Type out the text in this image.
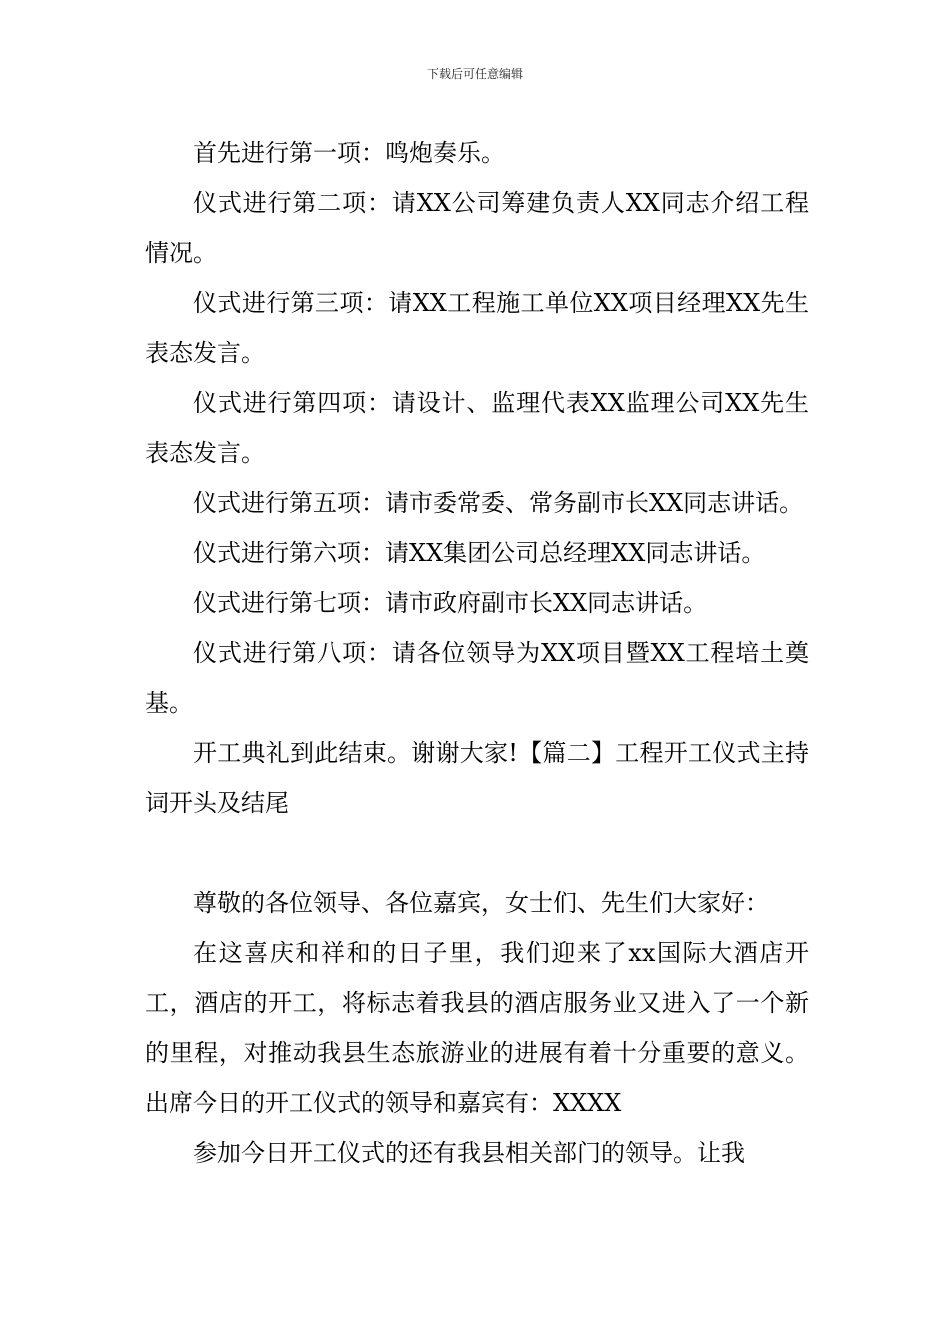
下载后可任意编辑

首先进行第一项：鸣炮奏乐。

仪式进行第二项：请XX公司筹建负责人XX同志介绍工程情况。

仪式进行第三项：请XX工程施工单位XX项目经理XX先生表态发言。

仪式进行第四项：请设计、监理代表XX监理公司XX先生表态发言。

仪式进行第五项：请市委常委、常务副市长XX同志讲话。

仪式进行第六项：请XX集团公司总经理XX同志讲话。

仪式进行第七项：请市政府副市长XX同志讲话。

仪式进行第八项：请各位领导为XX项目暨XX工程培土奠基。

开工典礼到此结束。谢谢大家!【篇二】工程开工仪式主持词开头及结尾

尊敬的各位领导、各位嘉宾，女士们、先生们大家好：

在这喜庆和祥和的日子里，我们迎来了xx国际大酒店开工，酒店的开工，将标志着我县的酒店服务业又进入了一个新的里程，对推动我县生态旅游业的进展有着十分重要的意义。出席今日的开工仪式的领导和嘉宾有：XXXX

参加今日开工仪式的还有我县相关部门的领导。让我
